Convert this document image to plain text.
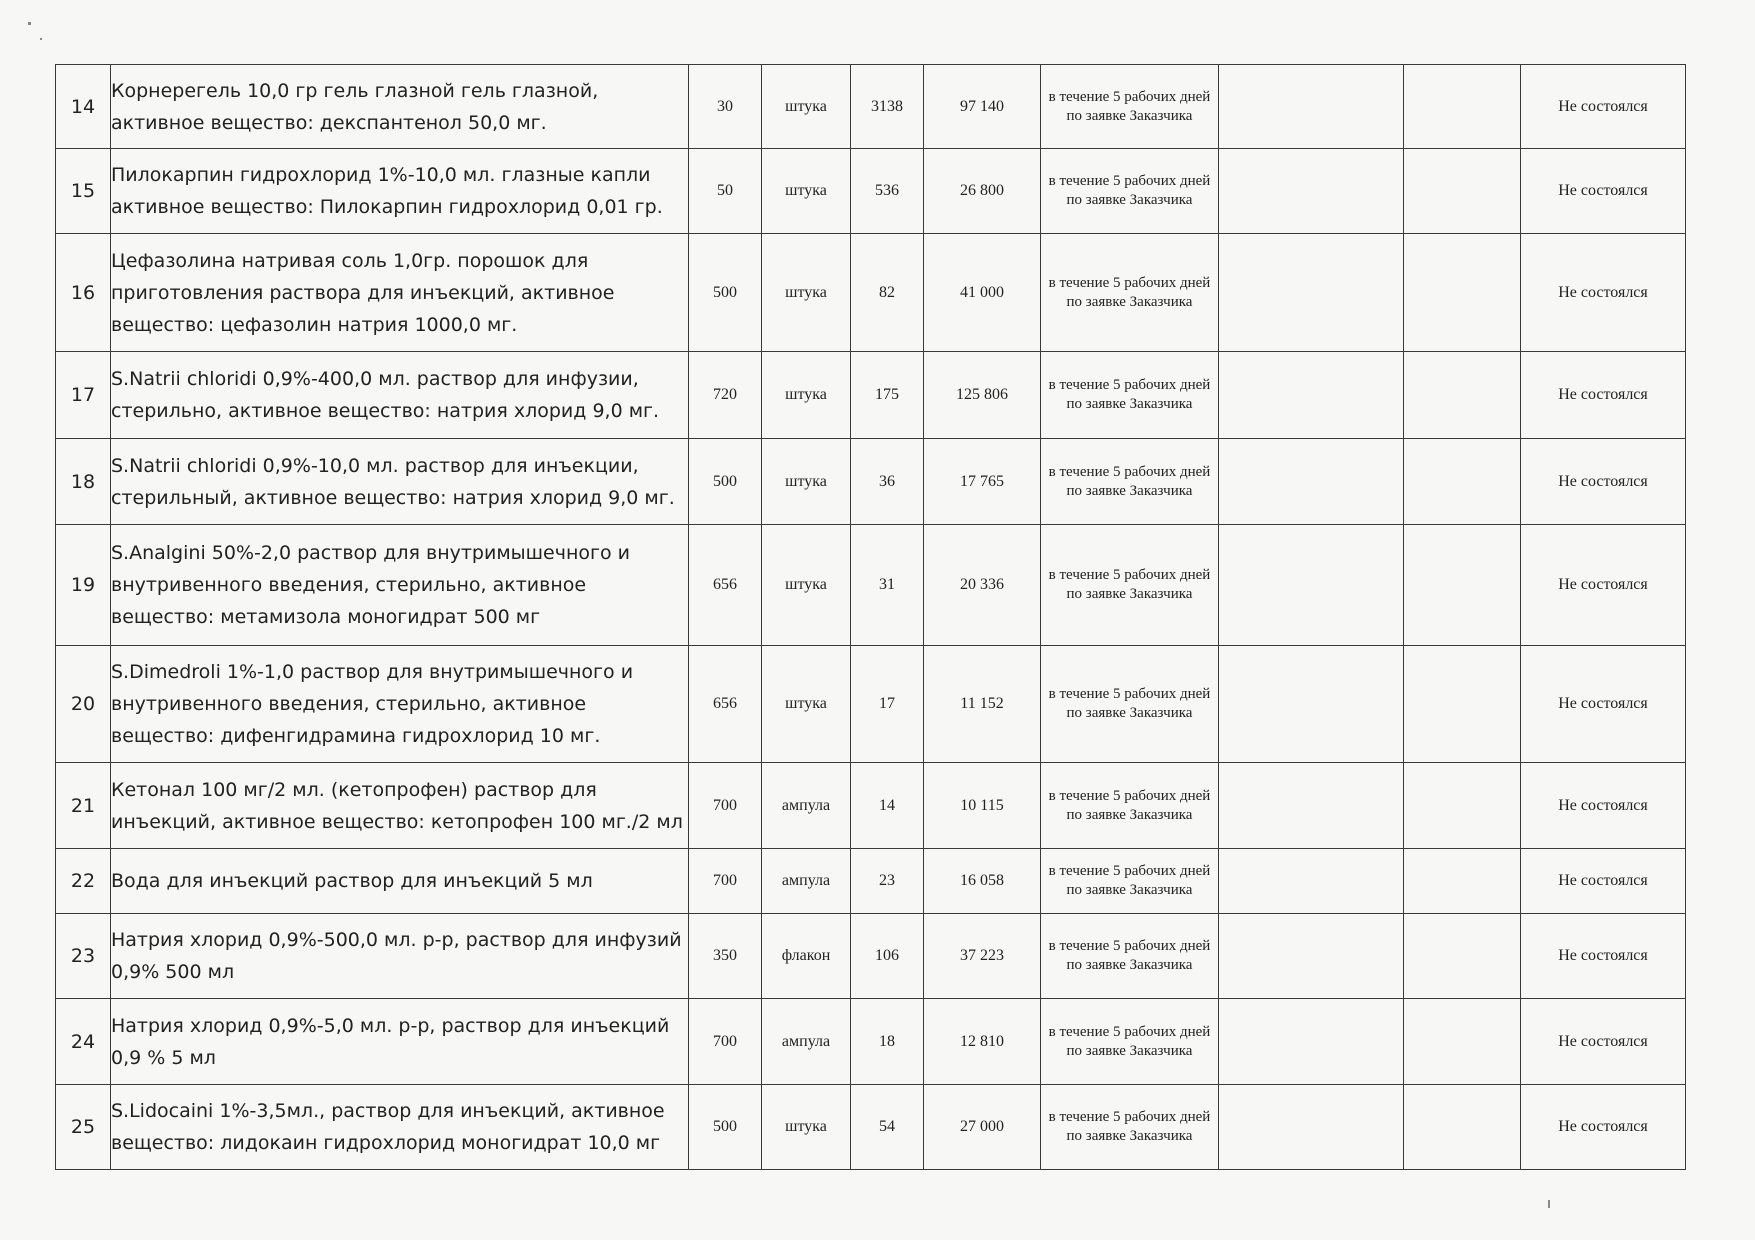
14	Корнерегель 10,0 гр гель глазной гель глазной, активное вещество: декспантенол 50,0 мг.	30	штука	3138	97 140	в течение 5 рабочих дней по заявке Заказчика			Не состоялся
15	Пилокарпин гидрохлорид 1%-10,0 мл. глазные капли активное вещество: Пилокарпин гидрохлорид 0,01 гр.	50	штука	536	26 800	в течение 5 рабочих дней по заявке Заказчика			Не состоялся
16	Цефазолина натривая соль 1,0гр. порошок для приготовления раствора для инъекций, активное вещество: цефазолин натрия 1000,0 мг.	500	штука	82	41 000	в течение 5 рабочих дней по заявке Заказчика			Не состоялся
17	S.Natrii chloridi 0,9%-400,0 мл. раствор для инфузии, стерильно, активное вещество: натрия хлорид 9,0 мг.	720	штука	175	125 806	в течение 5 рабочих дней по заявке Заказчика			Не состоялся
18	S.Natrii chloridi 0,9%-10,0 мл. раствор для инъекции, стерильный, активное вещество: натрия хлорид 9,0 мг.	500	штука	36	17 765	в течение 5 рабочих дней по заявке Заказчика			Не состоялся
19	S.Analgini 50%-2,0 раствор для внутримышечного и внутривенного введения, стерильно, активное вещество: метамизола моногидрат 500 мг	656	штука	31	20 336	в течение 5 рабочих дней по заявке Заказчика			Не состоялся
20	S.Dimedroli 1%-1,0 раствор для внутримышечного и внутривенного введения, стерильно, активное вещество: дифенгидрамина гидрохлорид 10 мг.	656	штука	17	11 152	в течение 5 рабочих дней по заявке Заказчика			Не состоялся
21	Кетонал 100 мг/2 мл. (кетопрофен) раствор для инъекций, активное вещество: кетопрофен 100 мг./2 мл	700	ампула	14	10 115	в течение 5 рабочих дней по заявке Заказчика			Не состоялся
22	Вода для инъекций раствор для инъекций 5 мл	700	ампула	23	16 058	в течение 5 рабочих дней по заявке Заказчика			Не состоялся
23	Натрия хлорид 0,9%-500,0 мл. р-р, раствор для инфузий 0,9% 500 мл	350	флакон	106	37 223	в течение 5 рабочих дней по заявке Заказчика			Не состоялся
24	Натрия хлорид 0,9%-5,0 мл. р-р, раствор для инъекций 0,9 % 5 мл	700	ампула	18	12 810	в течение 5 рабочих дней по заявке Заказчика			Не состоялся
25	S.Lidocaini 1%-3,5мл., раствор для инъекций, активное вещество: лидокаин гидрохлорид моногидрат 10,0 мг	500	штука	54	27 000	в течение 5 рабочих дней по заявке Заказчика			Не состоялся
